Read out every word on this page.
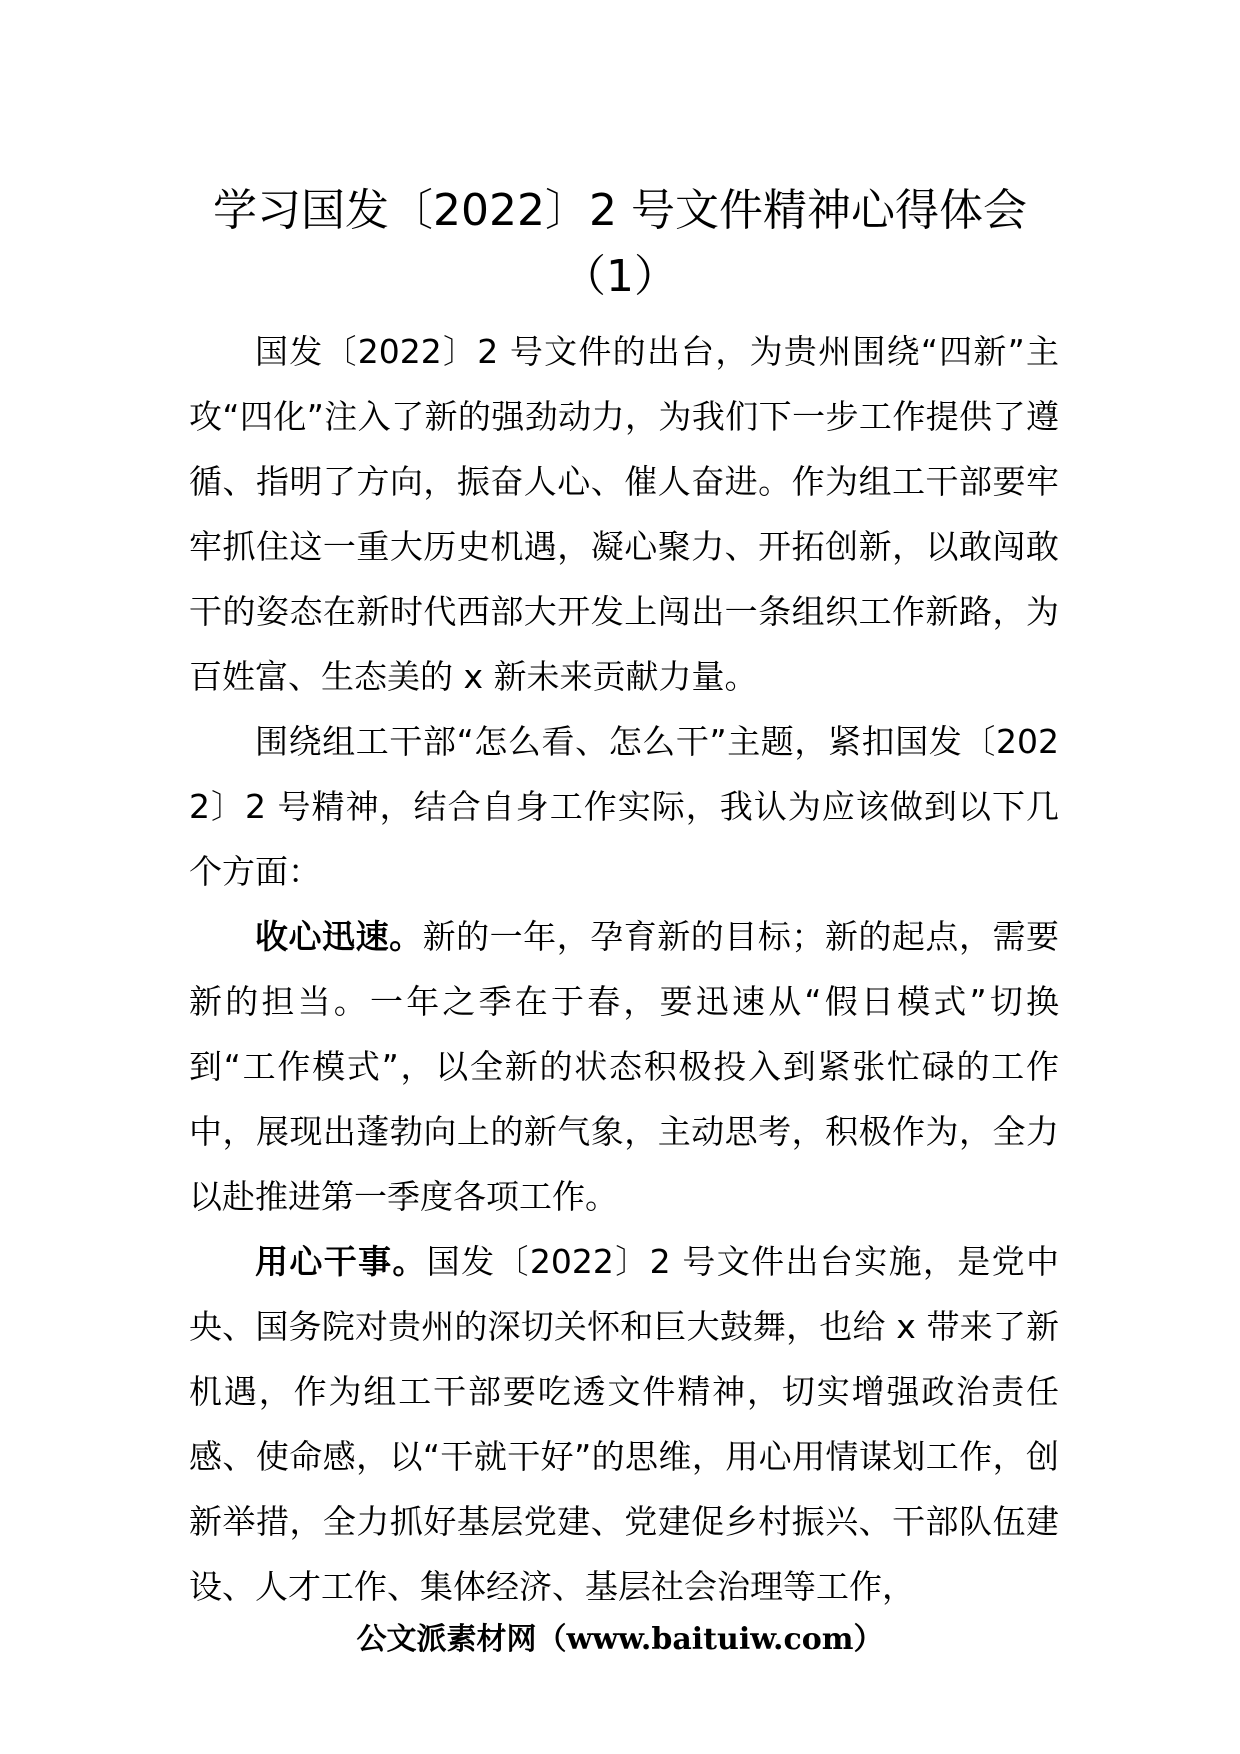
学习国发〔2022〕2 号文件精神心得体会
（1）

国发〔2022〕2 号文件的出台，为贵州围绕“四新”主攻“四化”注入了新的强劲动力，为我们下一步工作提供了遵循、指明了方向，振奋人心、催人奋进。作为组工干部要牢牢抓住这一重大历史机遇，凝心聚力、开拓创新，以敢闯敢干的姿态在新时代西部大开发上闯出一条组织工作新路，为百姓富、生态美的 x 新未来贡献力量。

围绕组工干部“怎么看、怎么干”主题，紧扣国发〔2022〕2 号精神，结合自身工作实际，我认为应该做到以下几个方面：

收心迅速。新的一年，孕育新的目标；新的起点，需要新的担当。一年之季在于春，要迅速从“假日模式”切换到“工作模式”，以全新的状态积极投入到紧张忙碌的工作中，展现出蓬勃向上的新气象，主动思考，积极作为，全力以赴推进第一季度各项工作。

用心干事。国发〔2022〕2 号文件出台实施，是党中央、国务院对贵州的深切关怀和巨大鼓舞，也给 x 带来了新机遇，作为组工干部要吃透文件精神，切实增强政治责任感、使命感，以“干就干好”的思维，用心用情谋划工作，创新举措，全力抓好基层党建、党建促乡村振兴、干部队伍建设、人才工作、集体经济、基层社会治理等工作，

公文派素材网（www.baituiw.com）
